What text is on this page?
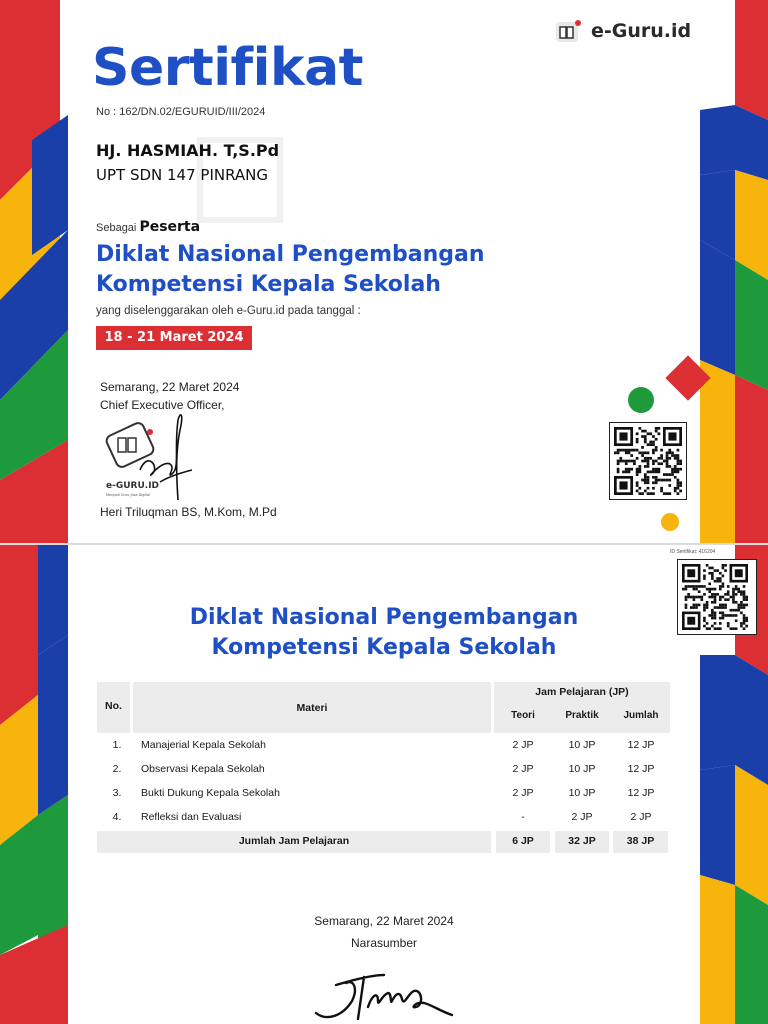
e-Guru.id
Sertifikat
No : 162/DN.02/EGURUID/III/2024
HJ. HASMIAH. T,S.Pd
UPT SDN 147 PINRANG
Sebagai Peserta
Diklat Nasional Pengembangan
Kompetensi Kepala Sekolah
yang diselenggarakan oleh e-Guru.id pada tanggal :
18 - 21 Maret 2024
Semarang, 22 Maret 2024
Chief Executive Officer,
e-GURU.ID
Menjadi Guru Jiwa Digital
Heri Triluqman BS, M.Kom, M.Pd
ID Sertifikat: 416204
Diklat Nasional Pengembangan
Kompetensi Kepala Sekolah
No.	Materi
Jam Pelajaran (JP)
Teori	Praktik	Jumlah
1.	Manajerial Kepala Sekolah	2 JP	10 JP	12 JP
2.	Observasi Kepala Sekolah	2 JP	10 JP	12 JP
3.	Bukti Dukung Kepala Sekolah	2 JP	10 JP	12 JP
4.	Refleksi dan Evaluasi	-	2 JP	2 JP
Jumlah Jam Pelajaran	6 JP	32 JP	38 JP
Semarang, 22 Maret 2024
Narasumber
